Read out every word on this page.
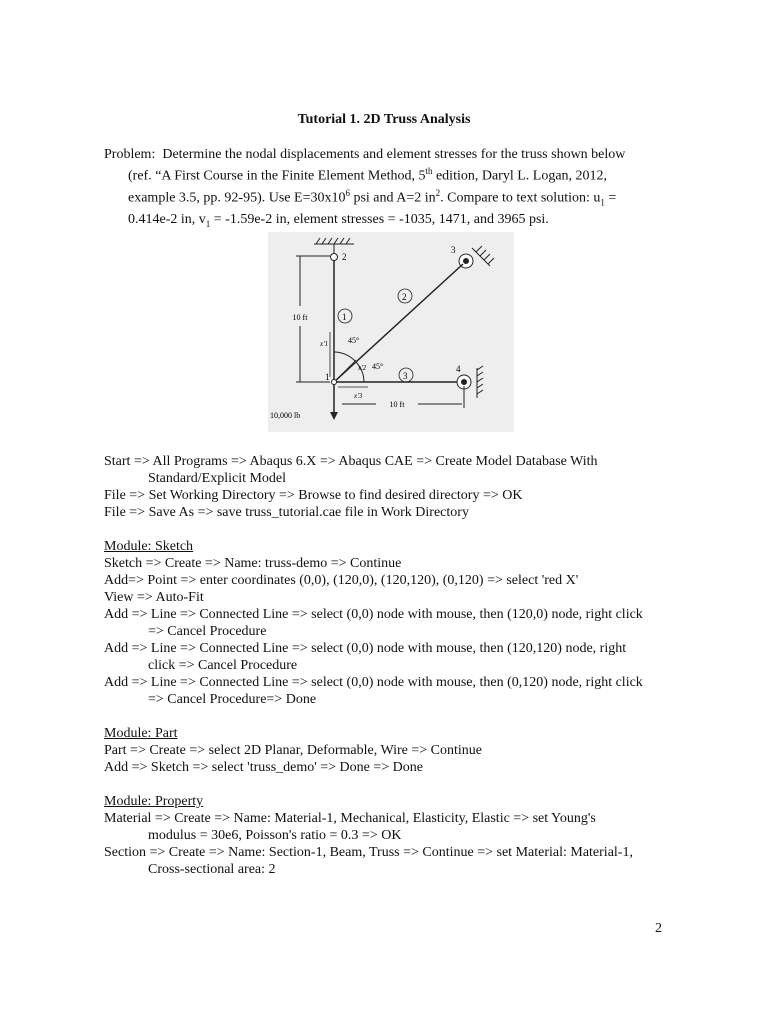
Tutorial 1. 2D Truss Analysis
Problem: Determine the nodal displacements and element stresses for the truss shown below
(ref. “A First Course in the Finite Element Method, 5th edition, Daryl L. Logan, 2012,
example 3.5, pp. 92-95). Use $E=30x10^6$ psi and A=2 $in^2$. Compare to text solution: $u_1$ =
0.414e-2 in, $v_1 = -1.59e-2$ in, element stresses = -1035, 1471, and 3965 psi.
2
3
4
1
1
2
3
x'1
x'2
x'3
45°
45°
10 ft
10 ft
10,000 lb
Start => All Programs => Abaqus 6.X => Abaqus CAE => Create Model Database With
Standard/Explicit Model
File => Set Working Directory => Browse to find desired directory => OK
File => Save As => save truss_tutorial.cae file in Work Directory
Module: Sketch
Sketch => Create => Name: truss-demo => Continue
Add=> Point => enter coordinates (0,0), (120,0), (120,120), (0,120) => select 'red X'
View => Auto-Fit
Add => Line => Connected Line => select (0,0) node with mouse, then (120,0) node, right click
=> Cancel Procedure
Add => Line => Connected Line => select (0,0) node with mouse, then (120,120) node, right
click => Cancel Procedure
Add => Line => Connected Line => select (0,0) node with mouse, then (0,120) node, right click
=> Cancel Procedure=> Done
Module: Part
Part => Create => select 2D Planar, Deformable, Wire => Continue
Add => Sketch => select 'truss_demo' => Done => Done
Module: Property
Material => Create => Name: Material-1, Mechanical, Elasticity, Elastic => set Young's
modulus = 30e6, Poisson's ratio = 0.3 => OK
Section => Create => Name: Section-1, Beam, Truss => Continue => set Material: Material-1,
Cross-sectional area: 2
2
